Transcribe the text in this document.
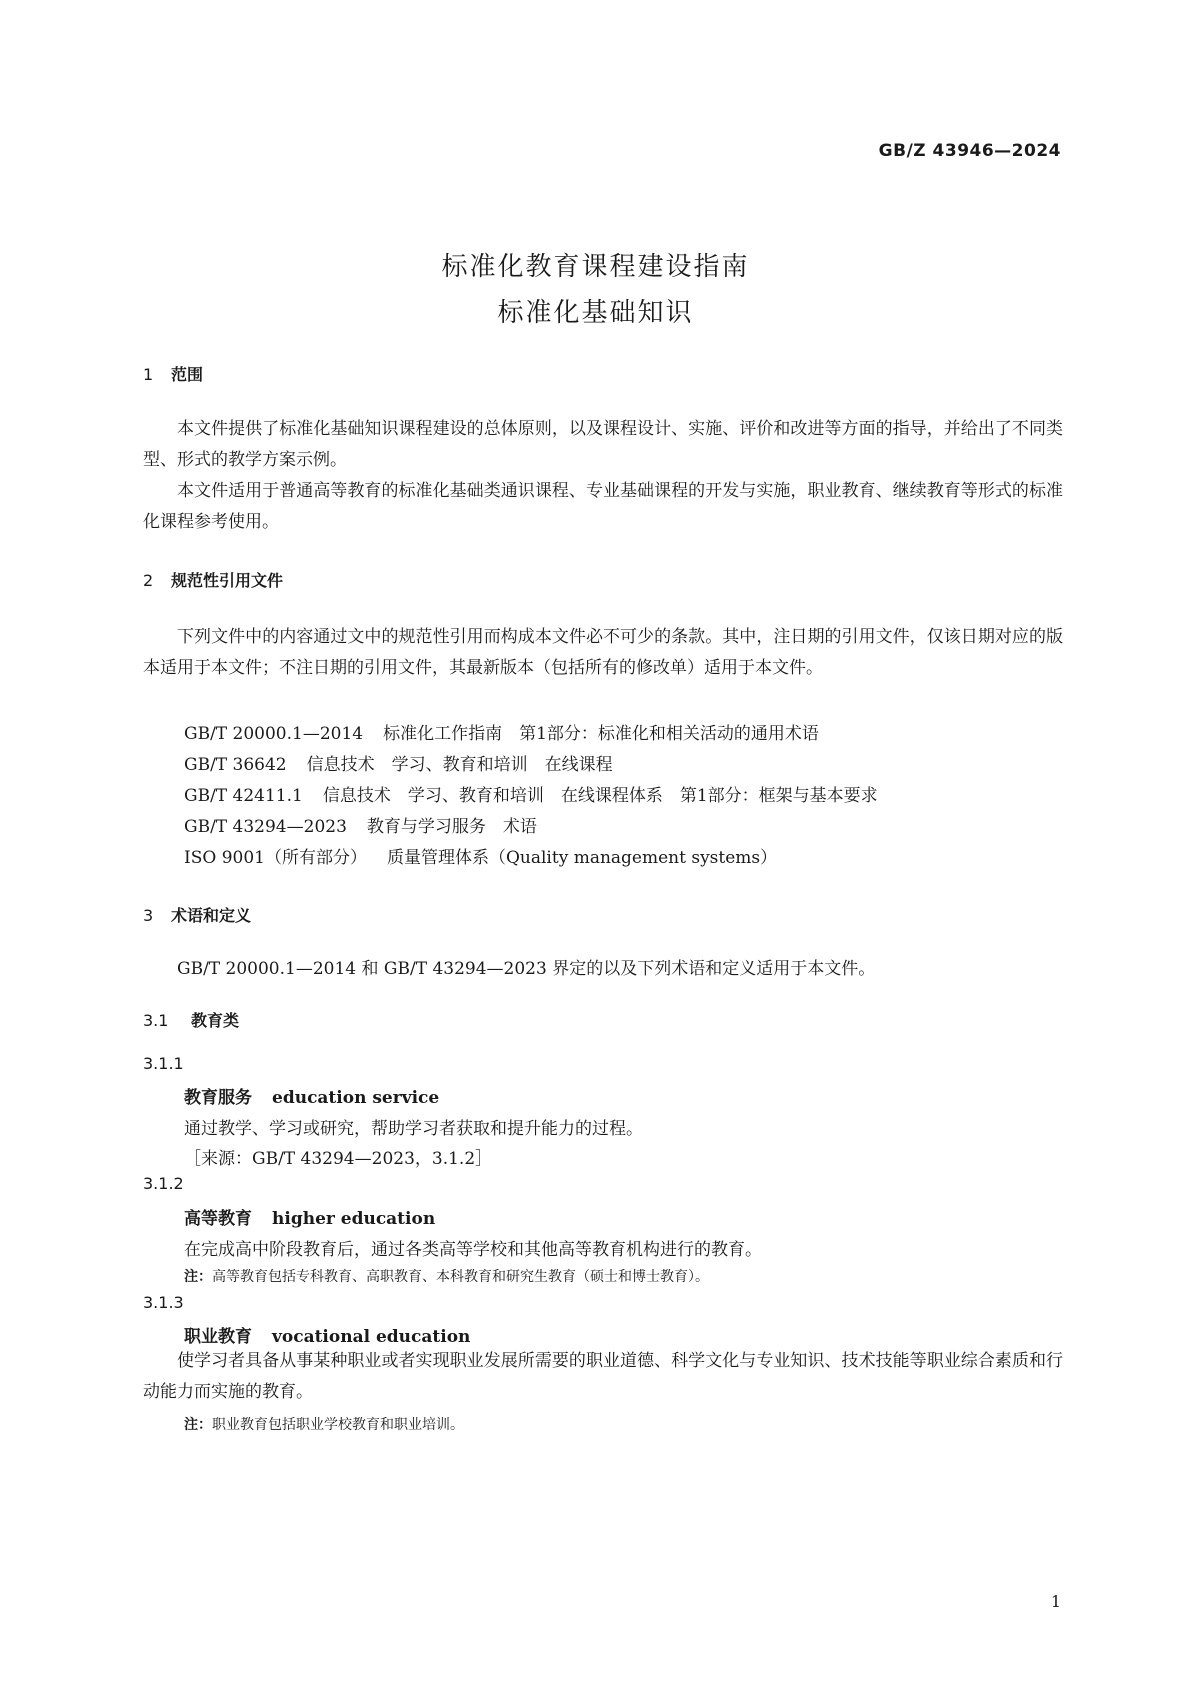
GB/Z 43946—2024
标准化教育课程建设指南
标准化基础知识
1 范围

本文件提供了标准化基础知识课程建设的总体原则，以及课程设计、实施、评价和改进等方面的指导，并给出了不同类型、形式的教学方案示例。

本文件适用于普通高等教育的标准化基础类通识课程、专业基础课程的开发与实施，职业教育、继续教育等形式的标准化课程参考使用。

2 规范性引用文件

下列文件中的内容通过文中的规范性引用而构成本文件必不可少的条款。其中，注日期的引用文件，仅该日期对应的版本适用于本文件；不注日期的引用文件，其最新版本（包括所有的修改单）适用于本文件。

GB/T 20000.1—2014 标准化工作指南　第1部分：标准化和相关活动的通用术语
GB/T 36642 信息技术　学习、教育和培训　在线课程
GB/T 42411.1 信息技术　学习、教育和培训　在线课程体系　第1部分：框架与基本要求
GB/T 43294—2023 教育与学习服务　术语
ISO 9001（所有部分） 质量管理体系（Quality management systems）
3 术语和定义

GB/T 20000.1—2014 和 GB/T 43294—2023 界定的以及下列术语和定义适用于本文件。

3.1 教育类
3.1.1
教育服务 education service
通过教学、学习或研究，帮助学习者获取和提升能力的过程。
［来源：GB/T 43294—2023，3.1.2］
3.1.2
高等教育 higher education
在完成高中阶段教育后，通过各类高等学校和其他高等教育机构进行的教育。
注：高等教育包括专科教育、高职教育、本科教育和研究生教育（硕士和博士教育）。
3.1.3
职业教育 vocational education

使学习者具备从事某种职业或者实现职业发展所需要的职业道德、科学文化与专业知识、技术技能等职业综合素质和行动能力而实施的教育。

注：职业教育包括职业学校教育和职业培训。
1
